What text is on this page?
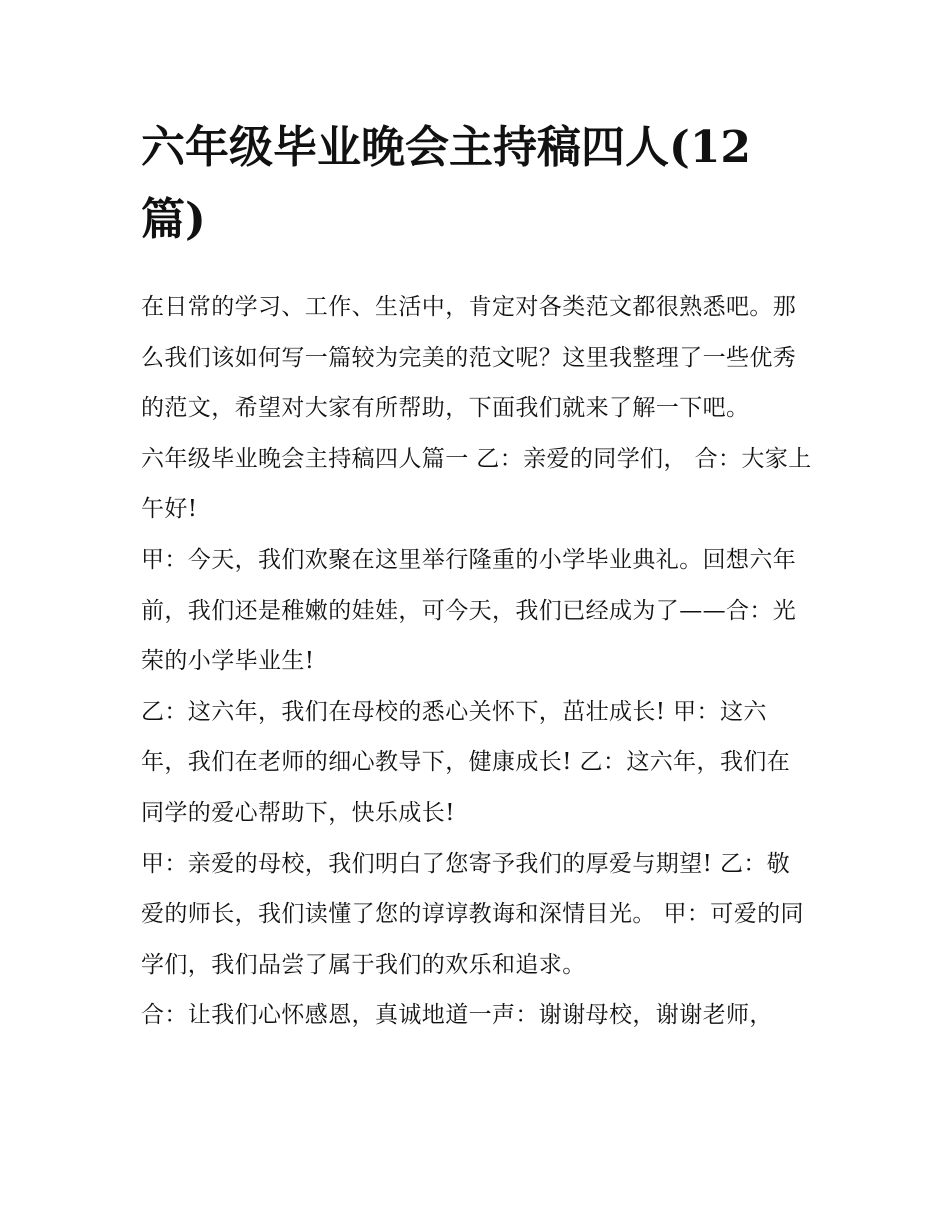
六年级毕业晚会主持稿四人(12篇)

在日常的学习、工作、生活中，肯定对各类范文都很熟悉吧。那么我们该如何写一篇较为完美的范文呢？这里我整理了一些优秀的范文，希望对大家有所帮助，下面我们就来了解一下吧。

六年级毕业晚会主持稿四人篇一 乙：亲爱的同学们， 合：大家上午好!

甲：今天，我们欢聚在这里举行隆重的小学毕业典礼。回想六年前，我们还是稚嫩的娃娃，可今天，我们已经成为了——合：光荣的小学毕业生!

乙：这六年，我们在母校的悉心关怀下，茁壮成长! 甲：这六年，我们在老师的细心教导下，健康成长! 乙：这六年，我们在同学的爱心帮助下，快乐成长!

甲：亲爱的母校，我们明白了您寄予我们的厚爱与期望! 乙：敬爱的师长，我们读懂了您的谆谆教诲和深情目光。 甲：可爱的同学们，我们品尝了属于我们的欢乐和追求。

合：让我们心怀感恩，真诚地道一声：谢谢母校，谢谢老师，
